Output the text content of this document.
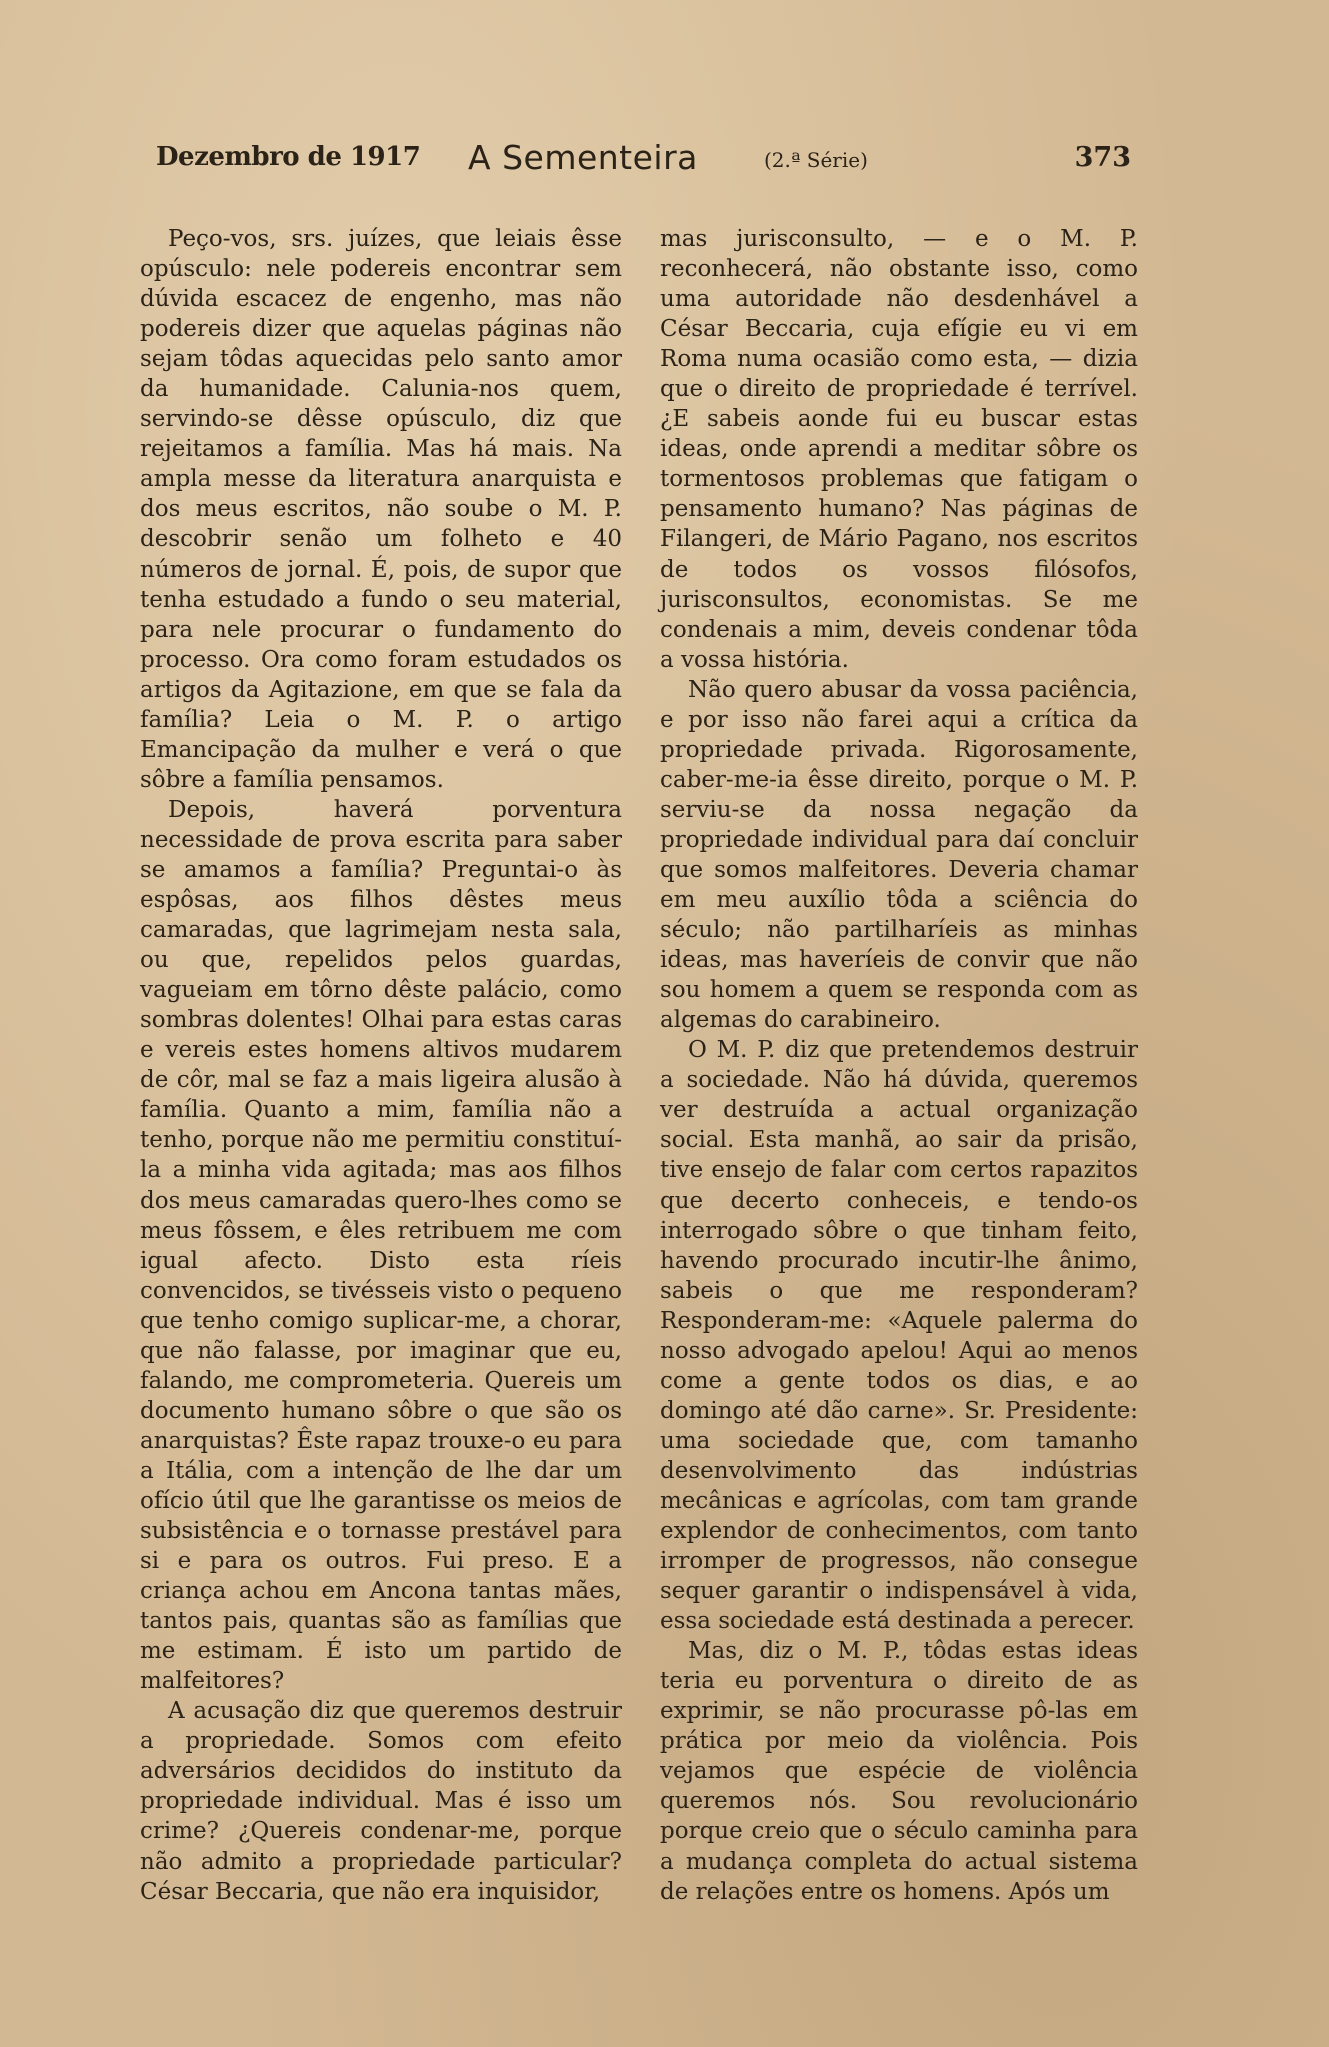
Dezembro de 1917 A Sementeira	(2.ª Série)	373

Peço-vos, srs. juízes, que leiais êsse opúsculo: nele podereis encontrar sem dúvida escacez de engenho, mas não podereis dizer que aquelas páginas não sejam tôdas aquecidas pelo santo amor da humanidade. Calunia-nos quem, servindo-se dêsse opúsculo, diz que rejeitamos a família. Mas há mais. Na ampla messe da literatura anarquista e dos meus escritos, não soube o M. P. descobrir senão um folheto e 40 números de jornal. É, pois, de supor que tenha estudado a fundo o seu material, para nele procurar o fundamento do processo. Ora como foram estudados os artigos da Agitazione, em que se fala da família? Leia o M. P. o artigo Emancipação da mulher e verá o que sôbre a família pensamos.

Depois, haverá porventura necessidade de prova escrita para saber se amamos a família? Preguntai-o às espôsas, aos filhos dêstes meus camaradas, que lagrimejam nesta sala, ou que, repelidos pelos guardas, vagueiam em tôrno dêste palácio, como sombras dolentes! Olhai para estas caras e vereis estes homens altivos mudarem de côr, mal se faz a mais ligeira alusão à família. Quanto a mim, família não a tenho, porque não me permitiu constituí-la a minha vida agitada; mas aos filhos dos meus camaradas quero-lhes como se meus fôssem, e êles retribuem me com igual afecto. Disto esta ríeis convencidos, se tivésseis visto o pequeno que tenho comigo suplicar-me, a chorar, que não falasse, por imaginar que eu, falando, me comprometeria. Quereis um documento humano sôbre o que são os anarquistas? Êste rapaz trouxe-o eu para a Itália, com a intenção de lhe dar um ofício útil que lhe garantisse os meios de subsistência e o tornasse prestável para si e para os outros. Fui preso. E a criança achou em Ancona tantas mães, tantos pais, quantas são as famílias que me estimam. É isto um partido de malfeitores?

A acusação diz que queremos destruir a propriedade. Somos com efeito adversários decididos do instituto da propriedade individual. Mas é isso um crime? ¿Quereis condenar-me, porque não admito a propriedade particular? César Beccaria, que não era inquisidor,

mas jurisconsulto, — e o M. P. reconhecerá, não obstante isso, como uma autoridade não desdenhável a César Beccaria, cuja efígie eu vi em Roma numa ocasião como esta, — dizia que o direito de propriedade é terrível. ¿E sabeis aonde fui eu buscar estas ideas, onde aprendi a meditar sôbre os tormentosos problemas que fatigam o pensamento humano? Nas páginas de Filangeri, de Mário Pagano, nos escritos de todos os vossos filósofos, jurisconsultos, economistas. Se me condenais a mim, deveis condenar tôda a vossa história.

Não quero abusar da vossa paciência, e por isso não farei aqui a crítica da propriedade privada. Rigorosamente, caber-me-ia êsse direito, porque o M. P. serviu-se da nossa negação da propriedade individual para daí concluir que somos malfeitores. Deveria chamar em meu auxílio tôda a sciência do século; não partilharíeis as minhas ideas, mas haveríeis de convir que não sou homem a quem se responda com as algemas do carabineiro.

O M. P. diz que pretendemos destruir a sociedade. Não há dúvida, queremos ver destruída a actual organização social. Esta manhã, ao sair da prisão, tive ensejo de falar com certos rapazitos que decerto conheceis, e tendo-os interrogado sôbre o que tinham feito, havendo procurado incutir-lhe ânimo, sabeis o que me responderam? Responderam-me: «Aquele palerma do nosso advogado apelou! Aqui ao menos come a gente todos os dias, e ao domingo até dão carne». Sr. Presidente: uma sociedade que, com tamanho desenvolvimento das indústrias mecânicas e agrícolas, com tam grande explendor de conhecimentos, com tanto irromper de progressos, não consegue sequer garantir o indispensável à vida, essa sociedade está destinada a perecer.

Mas, diz o M. P., tôdas estas ideas teria eu porventura o direito de as exprimir, se não procurasse pô-las em prática por meio da violência. Pois vejamos que espécie de violência queremos nós. Sou revolucionário porque creio que o século caminha para a mudança completa do actual sistema de relações entre os homens. Após um
